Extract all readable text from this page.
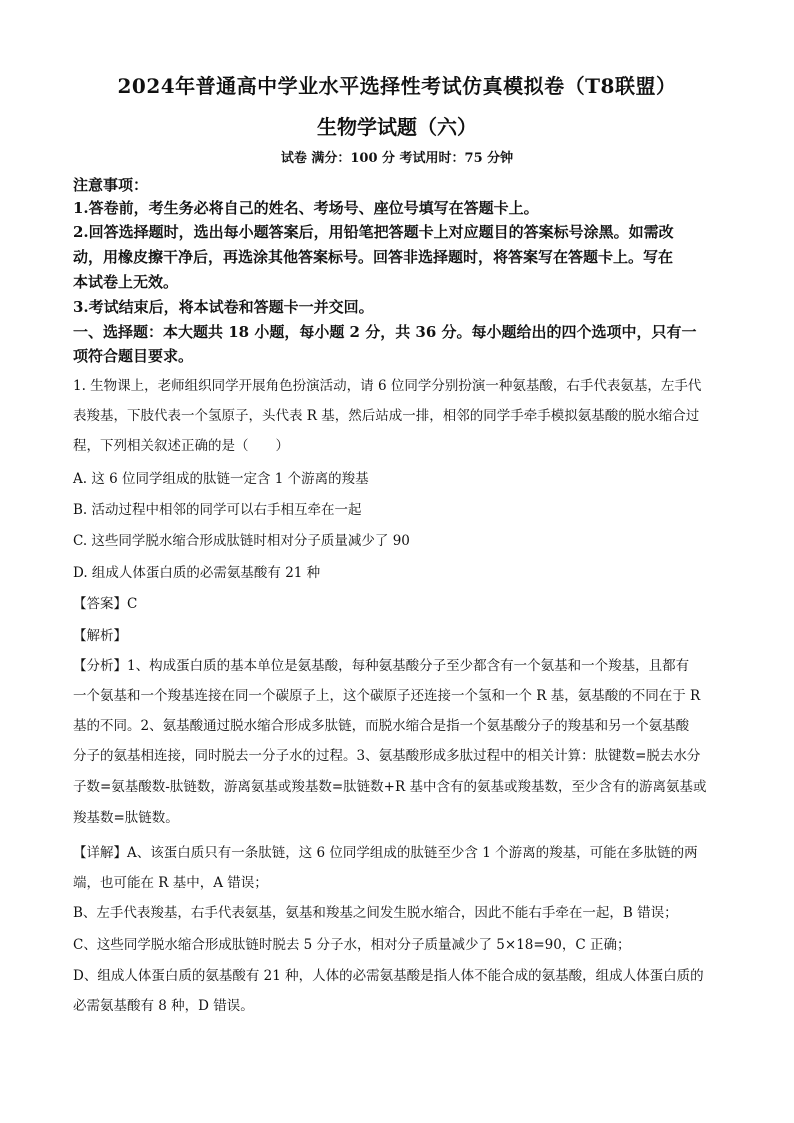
2024年普通高中学业水平选择性考试仿真模拟卷（T8联盟）
生物学试题（六）
试卷 满分：100 分 考试用时：75 分钟
注意事项：
1.答卷前，考生务必将自己的姓名、考场号、座位号填写在答题卡上。
2.回答选择题时，选出每小题答案后，用铅笔把答题卡上对应题目的答案标号涂黑。如需改
动，用橡皮擦干净后，再选涂其他答案标号。回答非选择题时，将答案写在答题卡上。写在
本试卷上无效。
3.考试结束后，将本试卷和答题卡一并交回。
一、选择题：本大题共 18 小题，每小题 2 分，共 36 分。每小题给出的四个选项中，只有一
项符合题目要求。
1. 生物课上，老师组织同学开展角色扮演活动，请 6 位同学分别扮演一种氨基酸，右手代表氨基，左手代
表羧基，下肢代表一个氢原子，头代表 R 基，然后站成一排，相邻的同学手牵手模拟氨基酸的脱水缩合过
程，下列相关叙述正确的是（　　）
A. 这 6 位同学组成的肽链一定含 1 个游离的羧基
B. 活动过程中相邻的同学可以右手相互牵在一起
C. 这些同学脱水缩合形成肽链时相对分子质量减少了 90
D. 组成人体蛋白质的必需氨基酸有 21 种
【答案】C
【解析】
【分析】1、构成蛋白质的基本单位是氨基酸，每种氨基酸分子至少都含有一个氨基和一个羧基，且都有
一个氨基和一个羧基连接在同一个碳原子上，这个碳原子还连接一个氢和一个 R 基，氨基酸的不同在于 R
基的不同。2、氨基酸通过脱水缩合形成多肽链，而脱水缩合是指一个氨基酸分子的羧基和另一个氨基酸
分子的氨基相连接，同时脱去一分子水的过程。3、氨基酸形成多肽过程中的相关计算：肽键数=脱去水分
子数=氨基酸数-肽链数，游离氨基或羧基数=肽链数+R 基中含有的氨基或羧基数，至少含有的游离氨基或
羧基数=肽链数。
【详解】A、该蛋白质只有一条肽链，这 6 位同学组成的肽链至少含 1 个游离的羧基，可能在多肽链的两
端，也可能在 R 基中，A 错误；
B、左手代表羧基，右手代表氨基，氨基和羧基之间发生脱水缩合，因此不能右手牵在一起，B 错误；
C、这些同学脱水缩合形成肽链时脱去 5 分子水，相对分子质量减少了 5×18=90，C 正确；
D、组成人体蛋白质的氨基酸有 21 种，人体的必需氨基酸是指人体不能合成的氨基酸，组成人体蛋白质的
必需氨基酸有 8 种，D 错误。
